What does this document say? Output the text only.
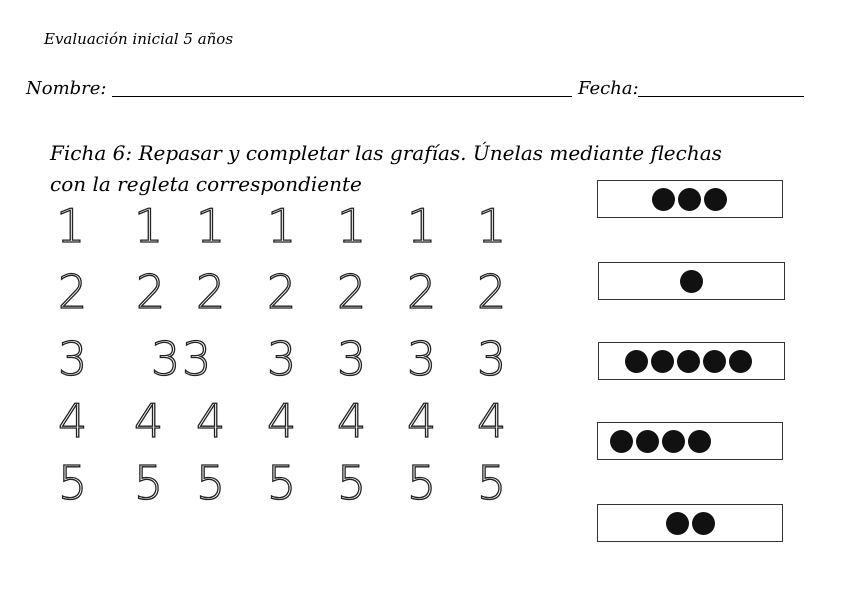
Evaluación inicial 5 años
Nombre:	Fecha:
Ficha 6: Repasar y completar las grafías. Únelas mediante flechas
con la regleta correspondiente
1 1 1 1 1 1 1
2 2 2 2 2 2 2
3 3 3 3 3 3 3
4 4 4 4 4 4 4
5 5 5 5 5 5 5
